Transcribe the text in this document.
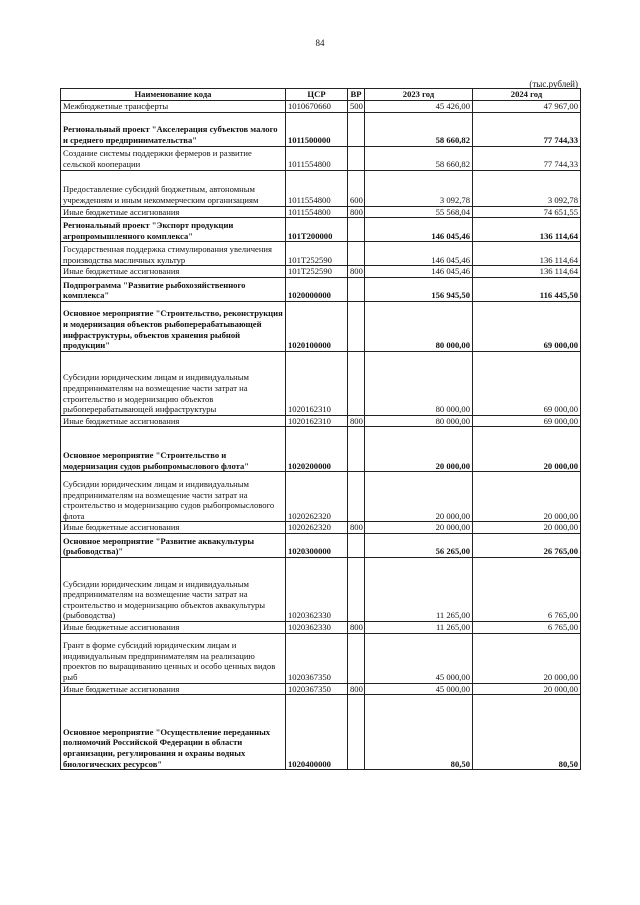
84
(тыс.рублей)
Наименование кода	ЦСР	ВР	2023 год	2024 год
Межбюджетные трансферты	1010670660	500	45 426,00	47 967,00
Региональный проект "Акселерация субъектов малого и среднего предпринимательства"	1011500000		58 660,82	77 744,33
Создание системы поддержки фермеров и развитие сельской кооперации	1011554800		58 660,82	77 744,33
Предоставление субсидий бюджетным, автономным учреждениям и иным некоммерческим организациям	1011554800	600	3 092,78	3 092,78
Иные бюджетные ассигнования	1011554800	800	55 568,04	74 651,55
Региональный проект "Экспорт продукции агропромышленного комплекса"	101Т200000		146 045,46	136 114,64
Государственная поддержка стимулирования увеличения производства масличных культур	101Т252590		146 045,46	136 114,64
Иные бюджетные ассигнования	101Т252590	800	146 045,46	136 114,64
Подпрограмма "Развитие рыбохозяйственного комплекса"	1020000000		156 945,50	116 445,50
Основное мероприятие "Строительство, реконструкция и модернизация объектов рыбоперерабатывающей инфраструктуры, объектов хранения рыбной продукции"	1020100000		80 000,00	69 000,00
Субсидии юридическим лицам и индивидуальным предпринимателям на возмещение части затрат на строительство и модернизацию объектов рыбоперерабатывающей инфраструктуры	1020162310		80 000,00	69 000,00
Иные бюджетные ассигнования	1020162310	800	80 000,00	69 000,00
Основное мероприятие "Строительство и модернизация судов рыбопромыслового флота"	1020200000		20 000,00	20 000,00
Субсидии юридическим лицам и индивидуальным предпринимателям на возмещение части затрат на строительство и модернизацию судов рыбопромыслового флота	1020262320		20 000,00	20 000,00
Иные бюджетные ассигнования	1020262320	800	20 000,00	20 000,00
Основное мероприятие "Развитие аквакультуры (рыбоводства)"	1020300000		56 265,00	26 765,00
Субсидии юридическим лицам и индивидуальным предпринимателям на возмещение части затрат на строительство и модернизацию объектов аквакультуры (рыбоводства)	1020362330		11 265,00	6 765,00
Иные бюджетные ассигнования	1020362330	800	11 265,00	6 765,00
Грант в форме субсидий юридическим лицам и индивидуальным предпринимателям на реализацию проектов по выращиванию ценных и особо ценных видов рыб	1020367350		45 000,00	20 000,00
Иные бюджетные ассигнования	1020367350	800	45 000,00	20 000,00
Основное мероприятие "Осуществление переданных полномочий Российской Федерации в области организации, регулирования и охраны водных биологических ресурсов"	1020400000		80,50	80,50
